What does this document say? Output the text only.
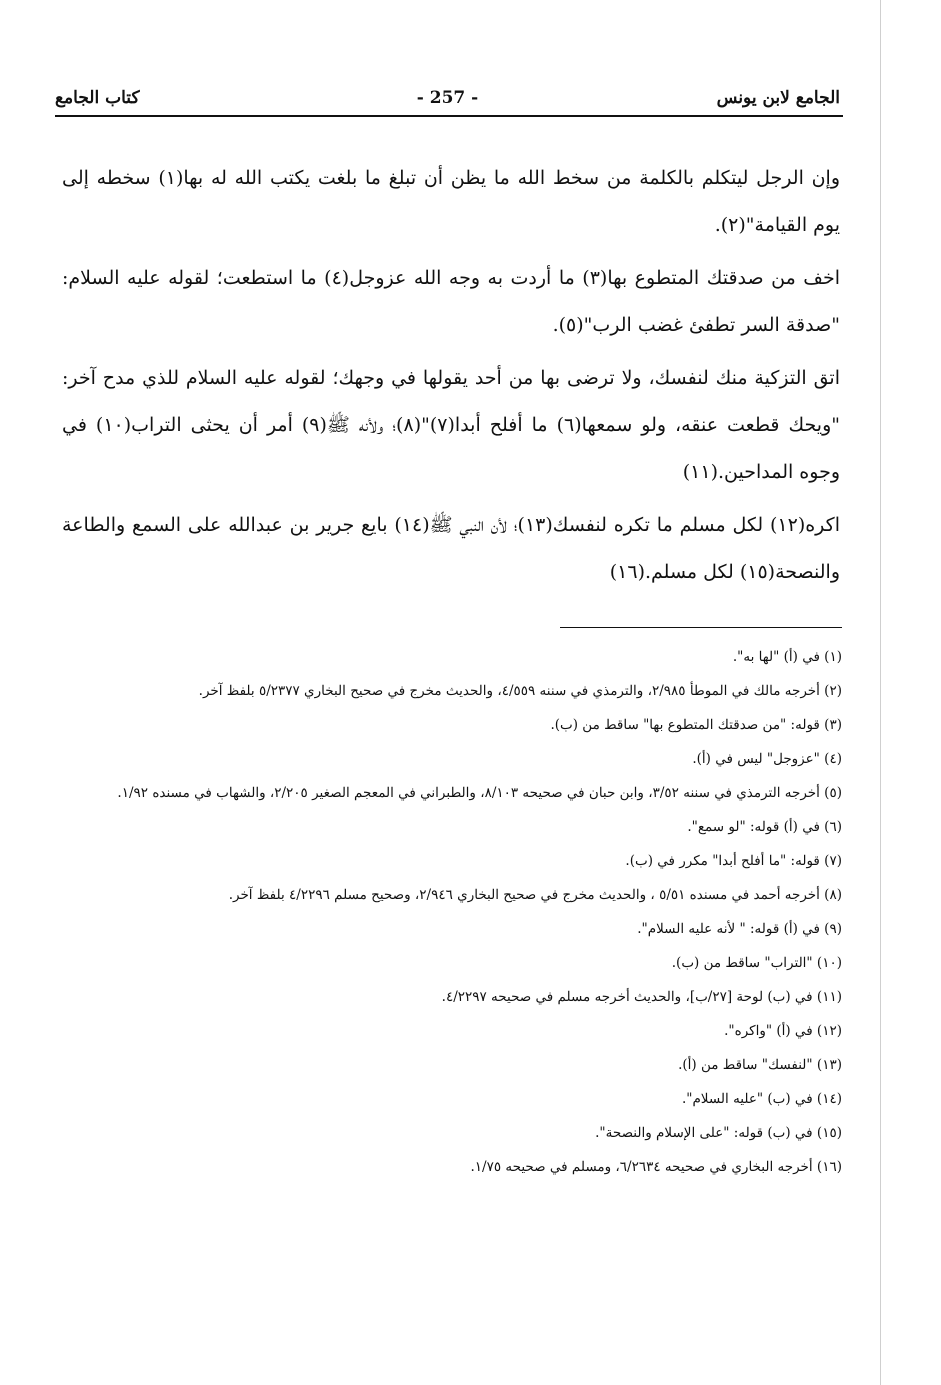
الجامع لابن يونس
- 257 -
كتاب الجامع

وإن الرجل ليتكلم بالكلمة من سخط الله ما يظن أن تبلغ ما بلغت يكتب الله له بها(١) سخطه إلى يوم القيامة"(٢).

اخف من صدقتك المتطوع بها(٣) ما أردت به وجه الله عزوجل(٤) ما استطعت؛ لقوله عليه السلام: "صدقة السر تطفئ غضب الرب"(٥).

اتق التزكية منك لنفسك، ولا ترضى بها من أحد يقولها في وجهك؛ لقوله عليه السلام للذي مدح آخر: "ويحك قطعت عنقه، ولو سمعها(٦) ما أفلح أبدا(٧)"(٨)؛ ولأنه ﷺ(٩) أمر أن يحثى التراب(١٠) في وجوه المداحين.(١١)

اكره(١٢) لكل مسلم ما تكره لنفسك(١٣)؛ لأن النبي ﷺ(١٤) بايع جرير بن عبدالله على السمع والطاعة والنصحة(١٥) لكل مسلم.(١٦)

(١) في (أ) "لها به".

(٢) أخرجه مالك في الموطأ ٢/٩٨٥، والترمذي في سننه ٤/٥٥٩، والحديث مخرج في صحيح البخاري ٥/٢٣٧٧ بلفظ آخر.

(٣) قوله: "من صدقتك المتطوع بها" ساقط من (ب).

(٤) "عزوجل" ليس في (أ).

(٥) أخرجه الترمذي في سننه ٣/٥٢، وابن حبان في صحيحه ٨/١٠٣، والطبراني في المعجم الصغير ٢/٢٠٥، والشهاب في مسنده ١/٩٢.

(٦) في (أ) قوله: "لو سمع".

(٧) قوله: "ما أفلح أبدا" مكرر في (ب).

(٨) أخرجه أحمد في مسنده ٥/٥١ ، والحديث مخرج في صحيح البخاري ٢/٩٤٦، وصحيح مسلم ٤/٢٢٩٦ بلفظ آخر.

(٩) في (أ) قوله: " لأنه عليه السلام".

(١٠) "التراب" ساقط من (ب).

(١١) في (ب) لوحة [٢٧/ب]، والحديث أخرجه مسلم في صحيحه ٤/٢٢٩٧.

(١٢) في (أ) "واكره".

(١٣) "لنفسك" ساقط من (أ).

(١٤) في (ب) "عليه السلام".

(١٥) في (ب) قوله: "على الإسلام والنصحة".

(١٦) أخرجه البخاري في صحيحه ٦/٢٦٣٤، ومسلم في صحيحه ١/٧٥.
